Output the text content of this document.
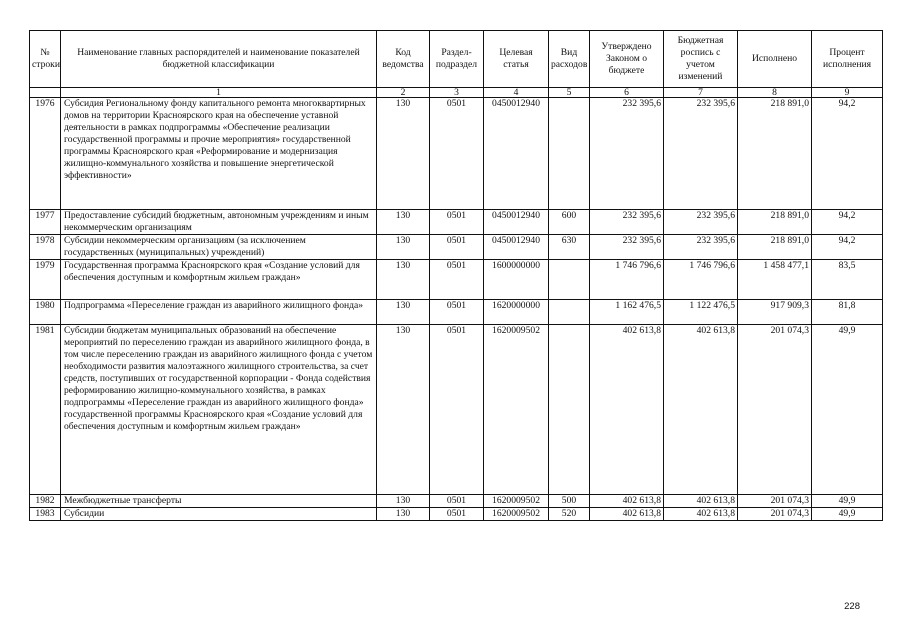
№ строки	Наименование главных распорядителей и наименование показателей бюджетной классификации	Код ведомства	Раздел-подраздел	Целевая статья	Вид расходов	Утверждено Законом о бюджете	Бюджетная роспись с учетом изменений	Исполнено	Процент исполнения
	1	2	3	4	5	6	7	8	9
1976	Субсидия Региональному фонду капитального ремонта многоквартирных домов на территории Красноярского края на обеспечение уставной деятельности в рамках подпрограммы «Обеспечение реализации государственной программы и прочие мероприятия» государственной программы Красноярского края «Реформирование и модернизация жилищно-коммунального хозяйства и повышение энергетической эффективности»	130	0501	0450012940		232 395,6	232 395,6	218 891,0	94,2
1977	Предоставление субсидий бюджетным, автономным учреждениям и иным некоммерческим организациям	130	0501	0450012940	600	232 395,6	232 395,6	218 891,0	94,2
1978	Субсидии некоммерческим организациям (за исключением государственных (муниципальных) учреждений)	130	0501	0450012940	630	232 395,6	232 395,6	218 891,0	94,2
1979	Государственная программа Красноярского края «Создание условий для обеспечения доступным и комфортным жильем граждан»	130	0501	1600000000		1 746 796,6	1 746 796,6	1 458 477,1	83,5
1980	Подпрограмма «Переселение граждан из аварийного жилищного фонда»	130	0501	1620000000		1 162 476,5	1 122 476,5	917 909,3	81,8
1981	Субсидии бюджетам муниципальных образований на обеспечение мероприятий по переселению граждан из аварийного жилищного фонда, в том числе переселению граждан из аварийного жилищного фонда с учетом необходимости развития малоэтажного жилищного строительства, за счет средств, поступивших от государственной корпорации - Фонда содействия реформированию жилищно-коммунального хозяйства, в рамках подпрограммы «Переселение граждан из аварийного жилищного фонда» государственной программы Красноярского края «Создание условий для обеспечения доступным и комфортным жильем граждан»	130	0501	1620009502		402 613,8	402 613,8	201 074,3	49,9
1982	Межбюджетные трансферты	130	0501	1620009502	500	402 613,8	402 613,8	201 074,3	49,9
1983	Субсидии	130	0501	1620009502	520	402 613,8	402 613,8	201 074,3	49,9
228
